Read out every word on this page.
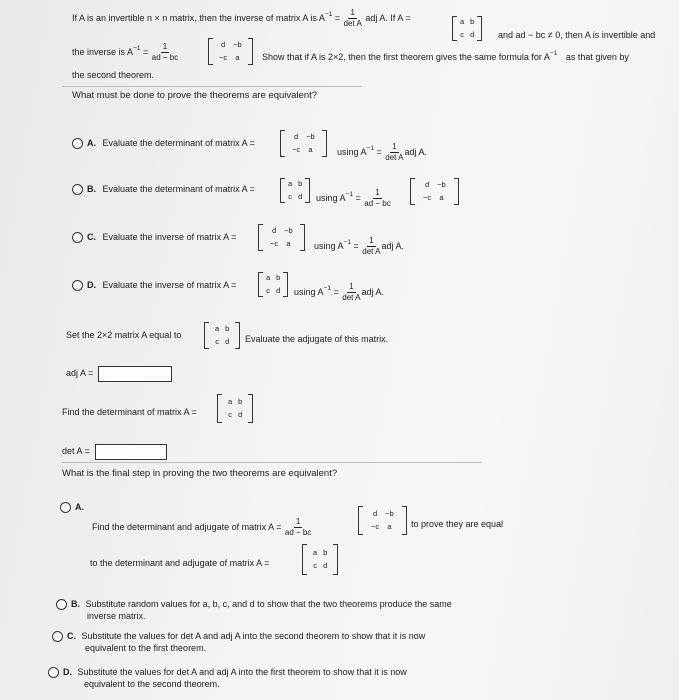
If A is an invertible n × n matrix, then the inverse of matrix A is $A^{-1} = \frac{1}{\text{det A}}$ adj A. If A =	a b
c d	and ad − bc ≠ 0, then A is invertible and
the inverse is $A^{-1} = \frac{1}{ad - bc}$	d −b
−c a	Show that if A is 2×2, then the first theorem gives the same formula for $A^{-1}$ as that given by
the second theorem.
What must be done to prove the theorems are equivalent?
A. Evaluate the determinant of matrix A =
d −b
−c a	using $A^{-1} = \frac{1}{\text{det A}}$ adj A.
B. Evaluate the determinant of matrix A =
a b
c d using $A^{-1} = \frac{1}{ad - bc}$
d −b
−c a
C. Evaluate the inverse of matrix A =
d −b
−c a	using $A^{-1} = \frac{1}{\text{det A}}$ adj A.
D. Evaluate the inverse of matrix A =
a b
c d using $A^{-1} = \frac{1}{\text{det A}}$ adj A.
Set the 2×2 matrix A equal to
a b
c d Evaluate the adjugate of this matrix.
adj A =
Find the determinant of matrix A =
a b
c d
det A =
What is the final step in proving the two theorems are equivalent?
A.
Find the determinant and adjugate of matrix $A = \frac{1}{ad - bc}$
d −b
−c a to prove they are equal
to the determinant and adjugate of matrix A =
a b
c d
B. Substitute random values for a, b, c, and d to show that the two theorems produce the same
inverse matrix.
C. Substitute the values for det A and adj A into the second theorem to show that it is now
equivalent to the first theorem.
D. Substitute the values for det A and adj A into the first theorem to show that it is now
equivalent to the second theorem.
